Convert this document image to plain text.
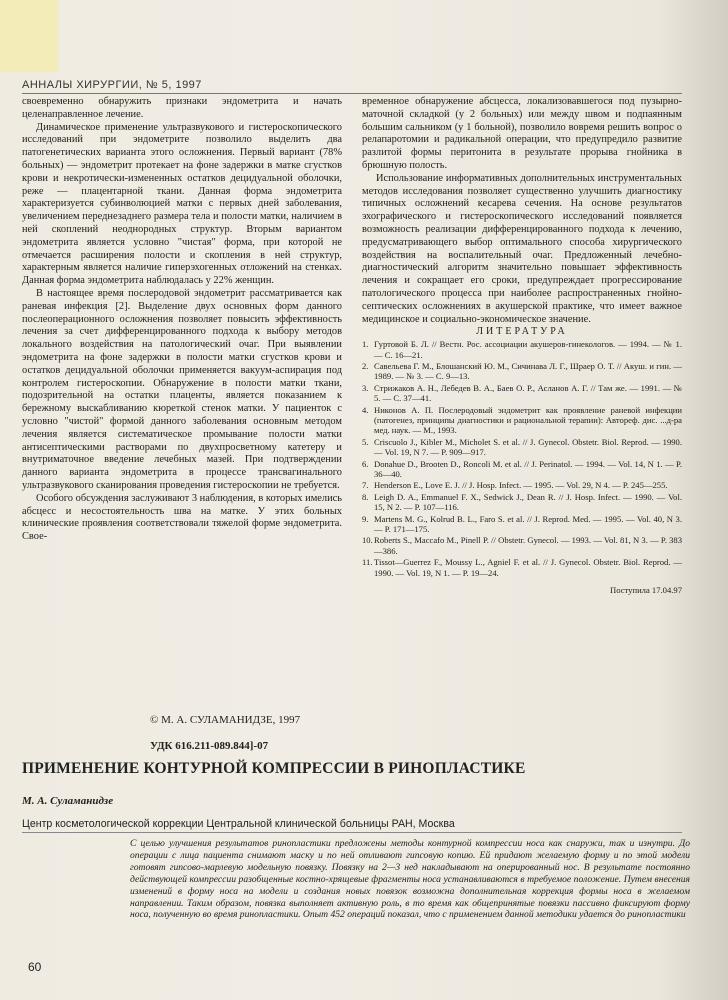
АННАЛЫ ХИРУРГИИ, № 5, 1997

своевременно обнаружить признаки эндометрита и начать целенаправленное лечение.

Динамическое применение ультразвукового и гистероскопического исследований при эндометрите позволило выделить два патогенетических варианта этого осложнения. Первый вариант (78% больных) — эндометрит протекает на фоне задержки в матке сгустков крови и некротически-измененных остатков децидуальной оболочки, реже — плацентарной ткани. Данная форма эндометрита характеризуется субинволюцией матки с первых дней заболевания, увеличением переднезаднего размера тела и полости матки, наличием в ней скоплений неоднородных структур. Вторым вариантом эндометрита является условно "чистая" форма, при которой не отмечается расширения полости и скопления в ней структур, характерным является наличие гиперэхогенных отложений на стенках. Данная форма эндометрита наблюдалась у 22% женщин.

В настоящее время послеродовой эндометрит рассматривается как раневая инфекция [2]. Выделение двух основных форм данного послеоперационного осложнения позволяет повысить эффективность лечения за счет дифференцированного подхода к выбору методов локального воздействия на патологический очаг. При выявлении эндометрита на фоне задержки в полости матки сгустков крови и остатков децидуальной оболочки применяется вакуум-аспирация под контролем гистероскопии. Обнаружение в полости матки ткани, подозрительной на остатки плаценты, является показанием к бережному выскабливанию кюреткой стенок матки. У пациенток с условно "чистой" формой данного заболевания основным методом лечения является систематическое промывание полости матки антисептическими растворами по двухпросветному катетеру и внутриматочное введение лечебных мазей. При подтверждении данного варианта эндометрита в процессе трансвагинального ультразвукового сканирования проведения гистероскопии не требуется.

Особого обсуждения заслуживают 3 наблюдения, в которых имелись абсцесс и несостоятельность шва на матке. У этих больных клинические проявления соответствовали тяжелой форме эндометрита. Свое-

временное обнаружение абсцесса, локализовавшегося под пузырно-маточной складкой (у 2 больных) или между швом и подпаянным большим сальником (у 1 больной), позволило вовремя решить вопрос о релапаротомии и радикальной операции, что предупредило развитие разлитой формы перитонита в результате прорыва гнойника в брюшную полость.

Использование информативных дополнительных инструментальных методов исследования позволяет существенно улучшить диагностику типичных осложнений кесарева сечения. На основе результатов эхографического и гистероскопического исследований появляется возможность реализации дифференцированного подхода к лечению, предусматривающего выбор оптимального способа хирургического воздействия на воспалительный очаг. Предложенный лечебно-диагностический алгоритм значительно повышает эффективность лечения и сокращает его сроки, предупреждает прогрессирование патологического процесса при наиболее распространенных гнойно-септических осложнениях в акушерской практике, что имеет важное медицинское и социально-экономическое значение.

ЛИТЕРАТУРА

1. Гуртовой Б. Л. // Вестн. Рос. ассоциации акушеров-гинекологов. — 1994. — № 1. — С. 16—21.
2. Савельева Г. М., Блошанский Ю. М., Сичинава Л. Г., Шраер О. Т. // Акуш. и гин. — 1989. — № 3. — С. 9—13.
3. Стрижаков А. Н., Лебедев В. А., Баев О. Р., Асланов А. Г. // Там же. — 1991. — № 5. — С. 37—41.
4. Никонов А. П. Послеродовый эндометрит как проявление раневой инфекции (патогенез, принципы диагностики и рациональной терапии): Автореф. дис. ...д-ра мед. наук. — М., 1993.
5. Criscuolo J., Kibler M., Micholet S. et al. // J. Gynecol. Obstetr. Biol. Reprod. — 1990. — Vol. 19, N 7. — P. 909—917.
6. Donahue D., Brooten D., Roncoli M. et al. // J. Perinatol. — 1994. — Vol. 14, N 1. — P. 36—40.
7. Henderson E., Love E. J. // J. Hosp. Infect. — 1995. — Vol. 29, N 4. — P. 245—255.
8. Leigh D. A., Emmanuel F. X., Sedwick J., Dean R. // J. Hosp. Infect. — 1990. — Vol. 15, N 2. — P. 107—116.
9. Martens M. G., Kolrud B. L., Faro S. et al. // J. Reprod. Med. — 1995. — Vol. 40, N 3. — P. 171—175.
10.Roberts S., Maccafo M., Pinell P. // Obstetr. Gynecol. — 1993. — Vol. 81, N 3. — P. 383—386.
11. Tissot—Guerrez F., Moussy L., Agniel F. et al. // J. Gynecol. Obstetr. Biol. Reprod. — 1990. — Vol. 19, N 1. — P. 19—24.
Поступила 17.04.97
© М. А. СУЛАМАНИДЗЕ, 1997
УДК 616.211-089.844]-07
ПРИМЕНЕНИЕ КОНТУРНОЙ КОМПРЕССИИ В РИНОПЛАСТИКЕ
М. А. Суламанидзе
Центр косметологической коррекции Центральной клинической больницы РАН, Москва
С целью улучшения результатов ринопластики предложены методы контурной компрессии носа как снаружи, так и изнутри. До операции с лица пациента снимают маску и по ней отливают гипсовую копию. Ей придают желаемую форму и по этой модели готовят гипсово-марлевую модельную повязку. Повязку на 2—3 нед накладывают на оперированный нос. В результате постоянно действующей компрессии разобщенные костно-хрящевые фрагменты носа устанавливаются в требуемое положение. Путем внесения изменений в форму носа на модели и создания новых повязок возможна дополнительная коррекция формы носа в желаемом направлении. Таким образом, повязка выполняет активную роль, в то время как общепринятые повязки пассивно фиксируют форму носа, полученную во время ринопластики. Опыт 452 операций показал, что с применением данной методики удается до ринопластики
60
